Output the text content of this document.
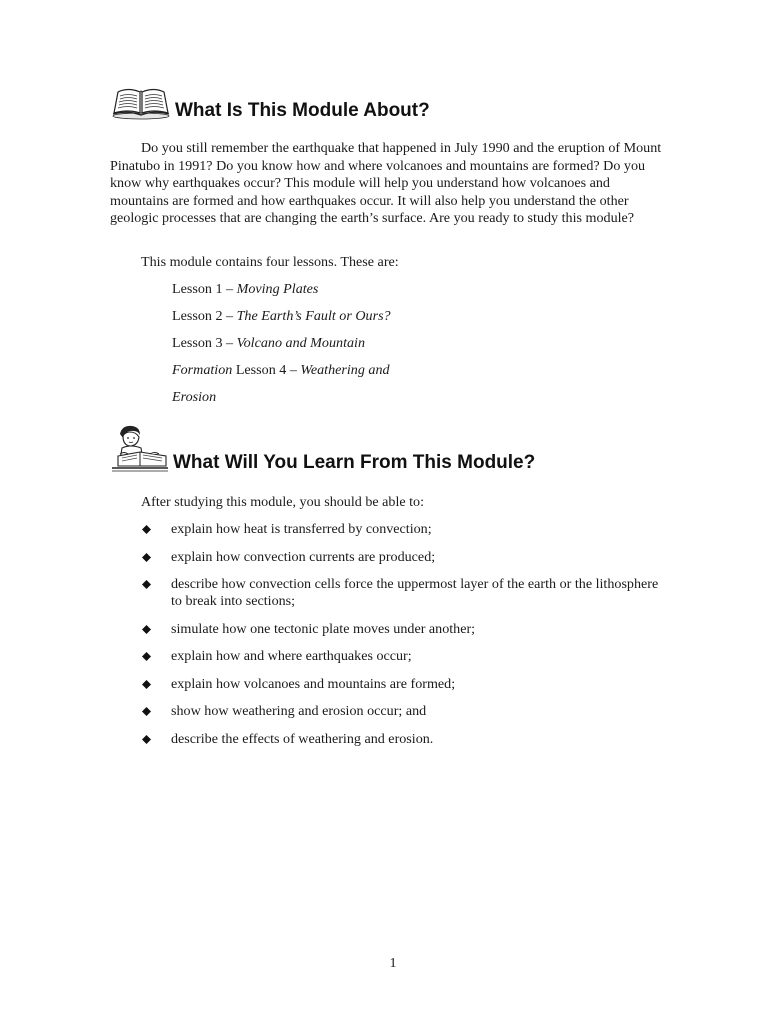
What Is This Module About?

Do you still remember the earthquake that happened in July 1990 and the eruption of Mount Pinatubo in 1991? Do you know how and where volcanoes and mountains are formed? Do you know why earthquakes occur? This module will help you understand how volcanoes and mountains are formed and how earthquakes occur. It will also help you understand the other geologic processes that are changing the earth’s surface. Are you ready to study this module?

This module contains four lessons. These are:

Lesson 1 – Moving Plates

Lesson 2 – The Earth’s Fault or Ours?

Lesson 3 – Volcano and Mountain

Formation Lesson 4 – Weathering and

Erosion

What Will You Learn From This Module?

After studying this module, you should be able to:

explain how heat is transferred by convection;
explain how convection currents are produced;
describe how convection cells force the uppermost layer of the earth or the lithosphere to break into sections;
simulate how one tectonic plate moves under another;
explain how and where earthquakes occur;
explain how volcanoes and mountains are formed;
show how weathering and erosion occur; and
describe the effects of weathering and erosion.
1
